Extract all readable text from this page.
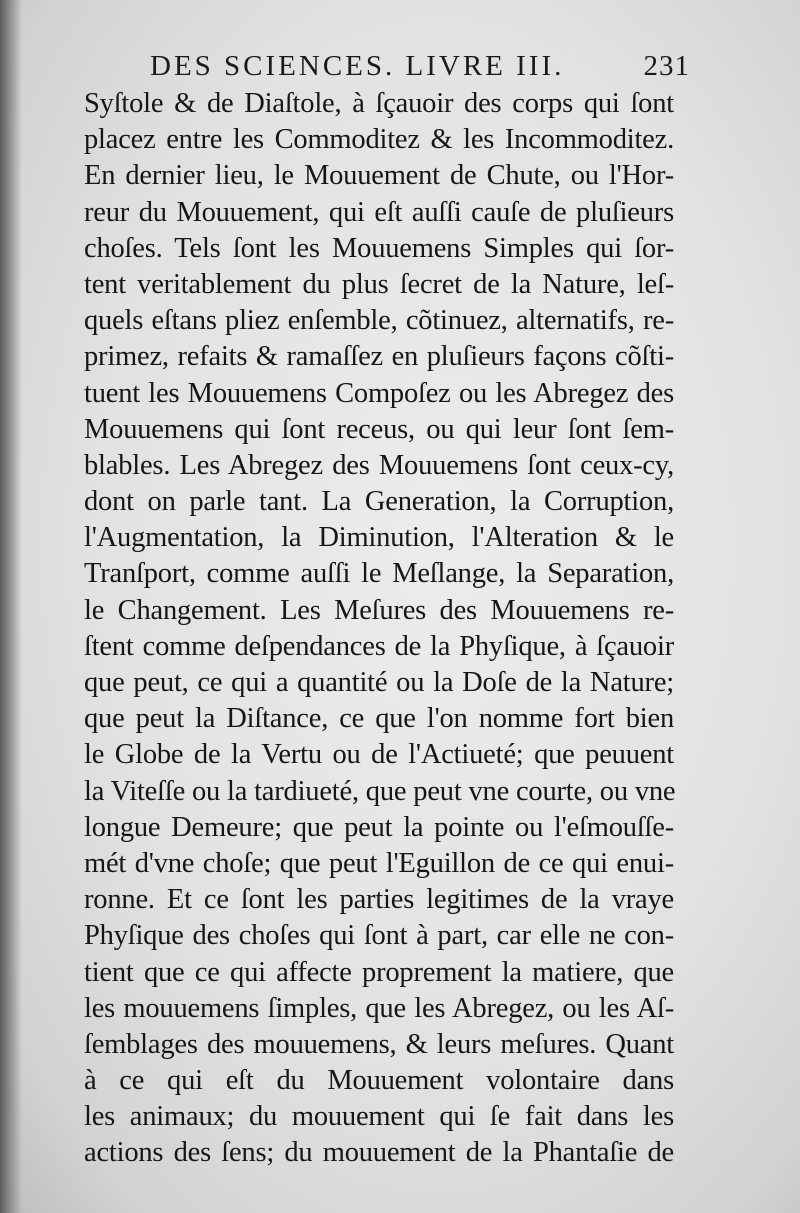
DES SCIENCES. LIVRE III.	231
Syſtole & de Diaſtole, à ſçauoir des corps qui ſont
placez entre les Commoditez & les Incommoditez.
En dernier lieu, le Mouuement de Chute, ou l'Hor-
reur du Mouuement, qui eſt auſſi cauſe de pluſieurs
choſes. Tels ſont les Mouuemens Simples qui ſor-
tent veritablement du plus ſecret de la Nature, leſ-
quels eſtans pliez enſemble, cõtinuez, alternatifs, re-
primez, refaits & ramaſſez en pluſieurs façons cõſti-
tuent les Mouuemens Compoſez ou les Abregez des
Mouuemens qui ſont receus, ou qui leur ſont ſem-
blables. Les Abregez des Mouuemens ſont ceux-cy,
dont on parle tant. La Generation, la Corruption,
l'Augmentation, la Diminution, l'Alteration & le
Tranſport, comme auſſi le Meſlange, la Separation,
le Changement. Les Meſures des Mouuemens re-
ſtent comme deſpendances de la Phyſique, à ſçauoir
que peut, ce qui a quantité ou la Doſe de la Nature;
que peut la Diſtance, ce que l'on nomme fort bien
le Globe de la Vertu ou de l'Actiueté; que peuuent
la Viteſſe ou la tardiueté, que peut vne courte, ou vne
longue Demeure; que peut la pointe ou l'eſmouſſe-
mét d'vne choſe; que peut l'Eguillon de ce qui enui-
ronne. Et ce ſont les parties legitimes de la vraye
Phyſique des choſes qui ſont à part, car elle ne con-
tient que ce qui affecte proprement la matiere, que
les mouuemens ſimples, que les Abregez, ou les Aſ-
ſemblages des mouuemens, & leurs meſures. Quant
à ce qui eſt du Mouuement volontaire dans
les animaux; du mouuement qui ſe fait dans les
actions des ſens; du mouuement de la Phantaſie de
